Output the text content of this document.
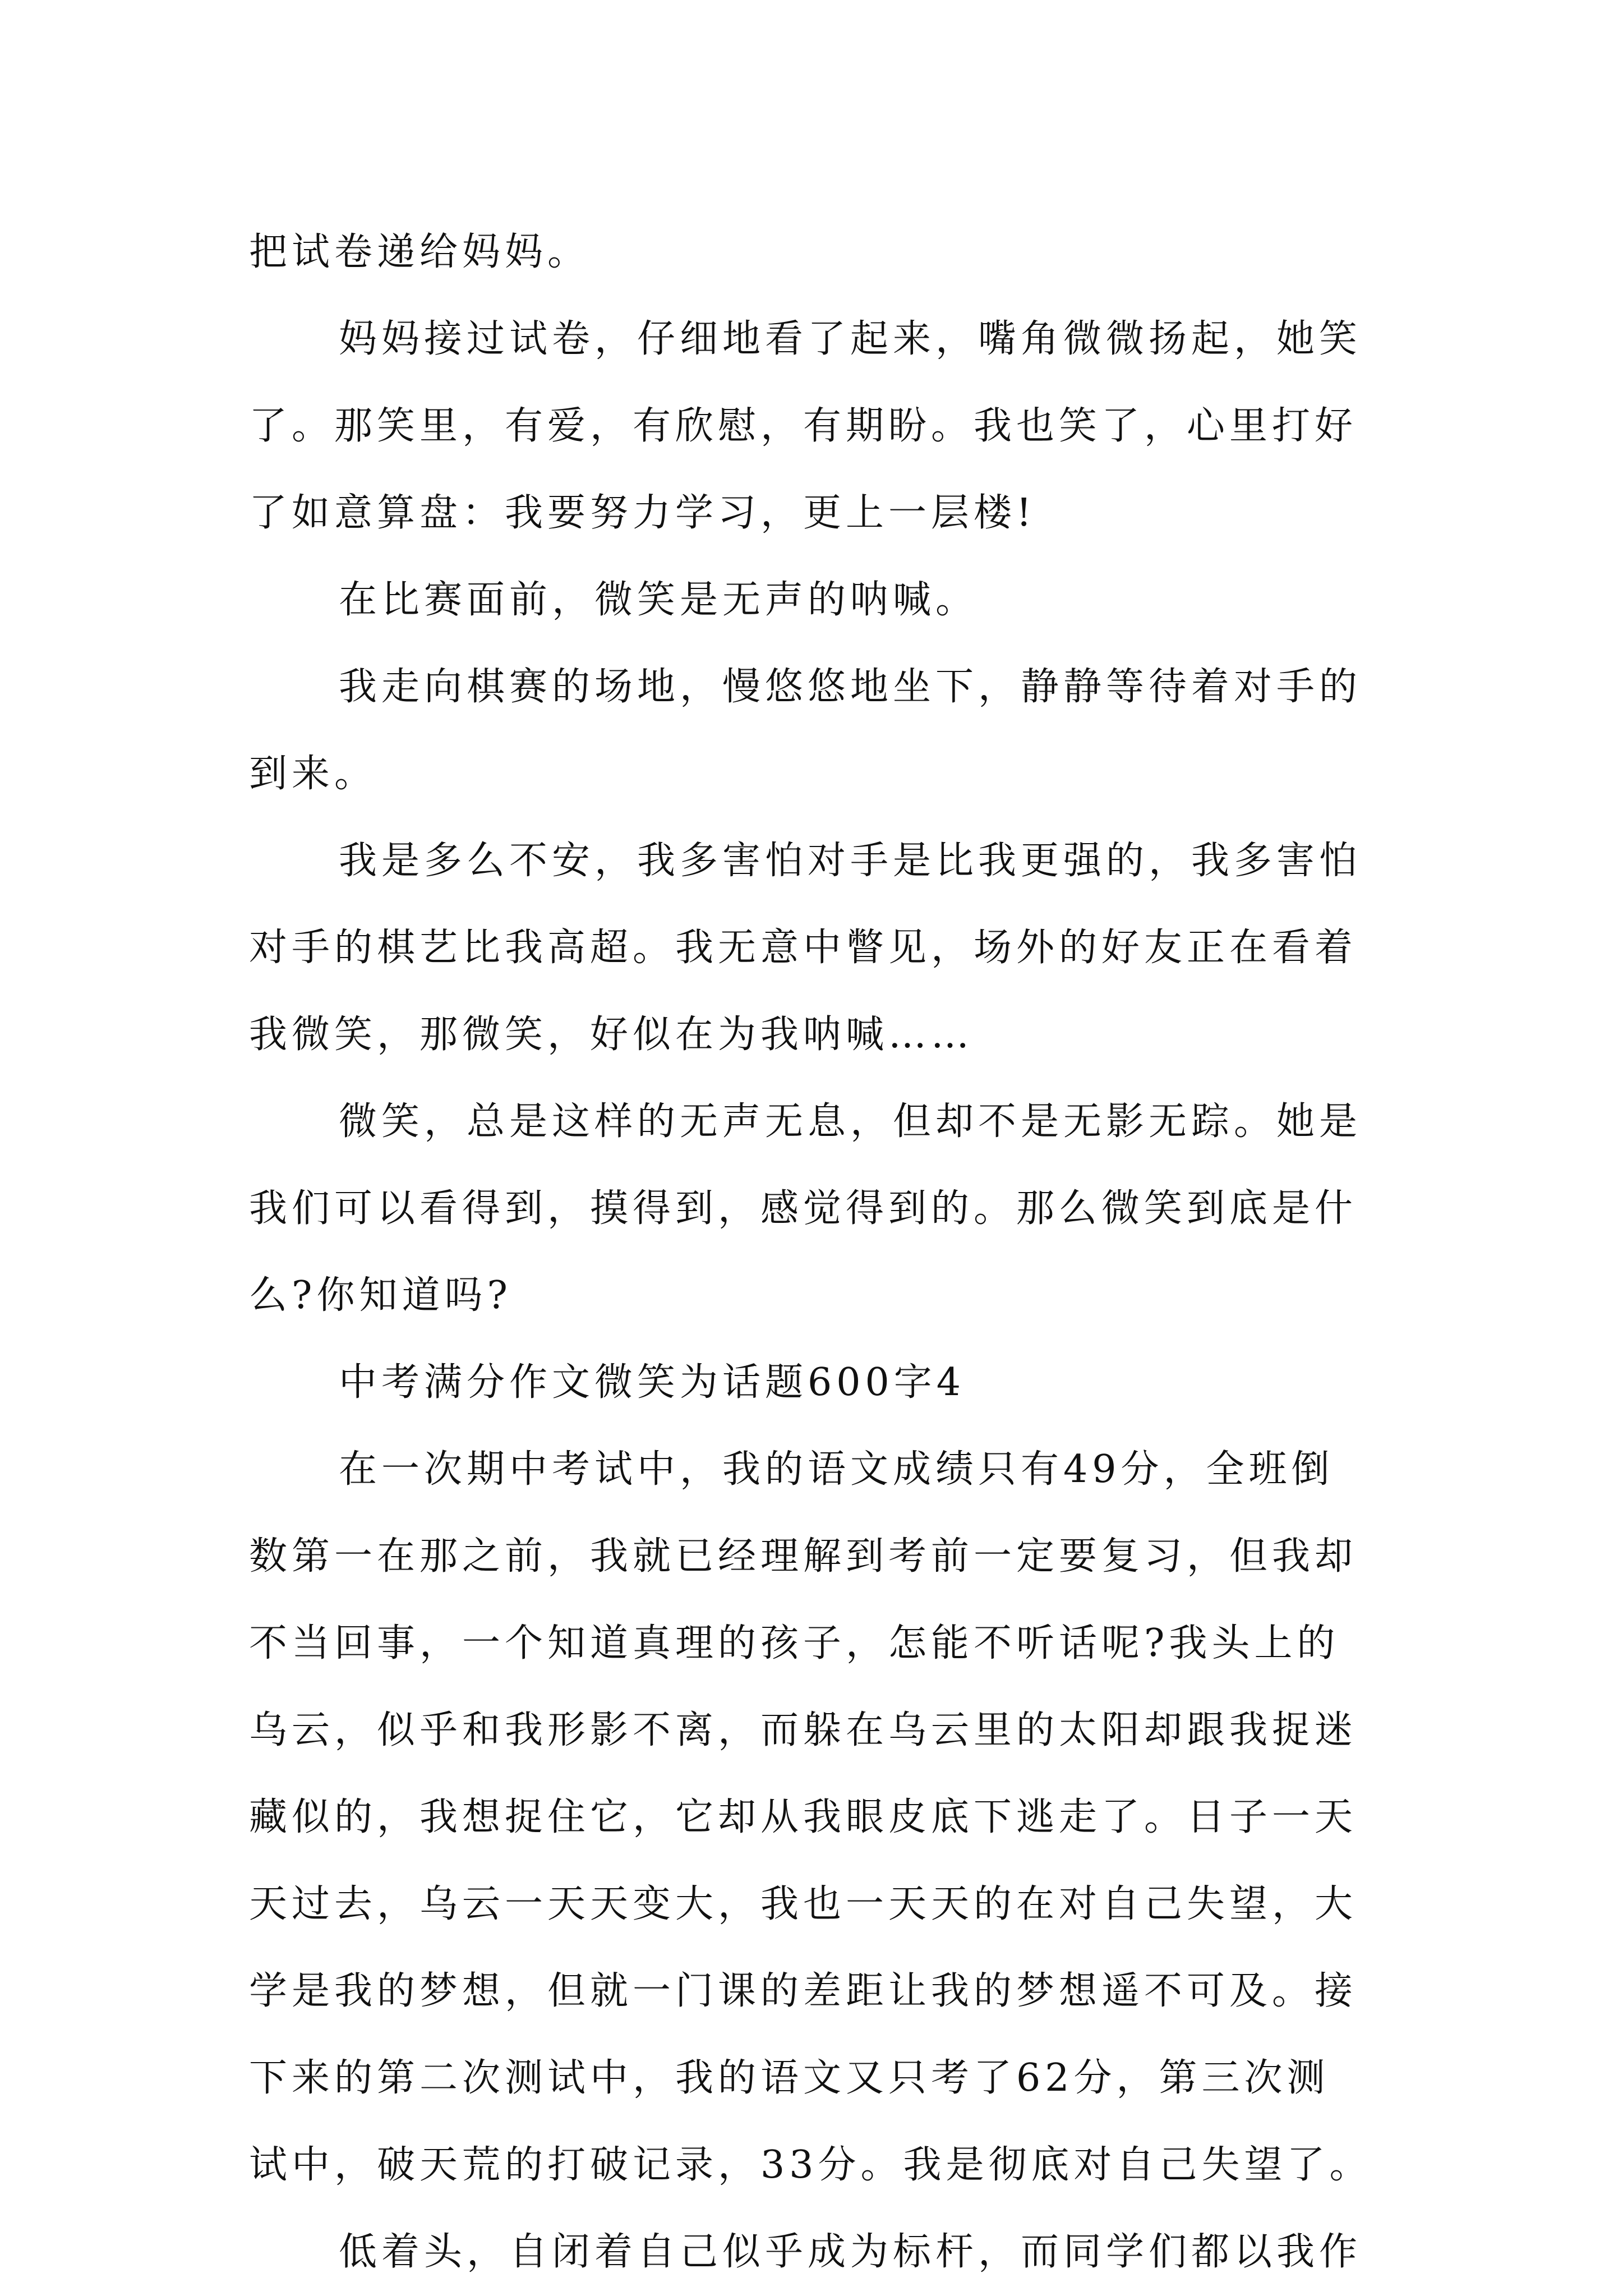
把试卷递给妈妈。
妈妈接过试卷，仔细地看了起来，嘴角微微扬起，她笑
了。那笑里，有爱，有欣慰，有期盼。我也笑了，心里打好
了如意算盘：我要努力学习，更上一层楼!
在比赛面前，微笑是无声的呐喊。
我走向棋赛的场地，慢悠悠地坐下，静静等待着对手的
到来。
我是多么不安，我多害怕对手是比我更强的，我多害怕
对手的棋艺比我高超。我无意中瞥见，场外的好友正在看着
我微笑，那微笑，好似在为我呐喊……
微笑，总是这样的无声无息，但却不是无影无踪。她是
我们可以看得到，摸得到，感觉得到的。那么微笑到底是什
么?你知道吗?
中考满分作文微笑为话题600字4
在一次期中考试中，我的语文成绩只有49分，全班倒
数第一在那之前，我就已经理解到考前一定要复习，但我却
不当回事，一个知道真理的孩子，怎能不听话呢?我头上的
乌云，似乎和我形影不离，而躲在乌云里的太阳却跟我捉迷
藏似的，我想捉住它，它却从我眼皮底下逃走了。日子一天
天过去，乌云一天天变大，我也一天天的在对自己失望，大
学是我的梦想，但就一门课的差距让我的梦想遥不可及。接
下来的第二次测试中，我的语文又只考了62分，第三次测
试中，破天荒的打破记录，33分。我是彻底对自己失望了。
低着头，自闭着自己似乎成为标杆，而同学们都以我作
